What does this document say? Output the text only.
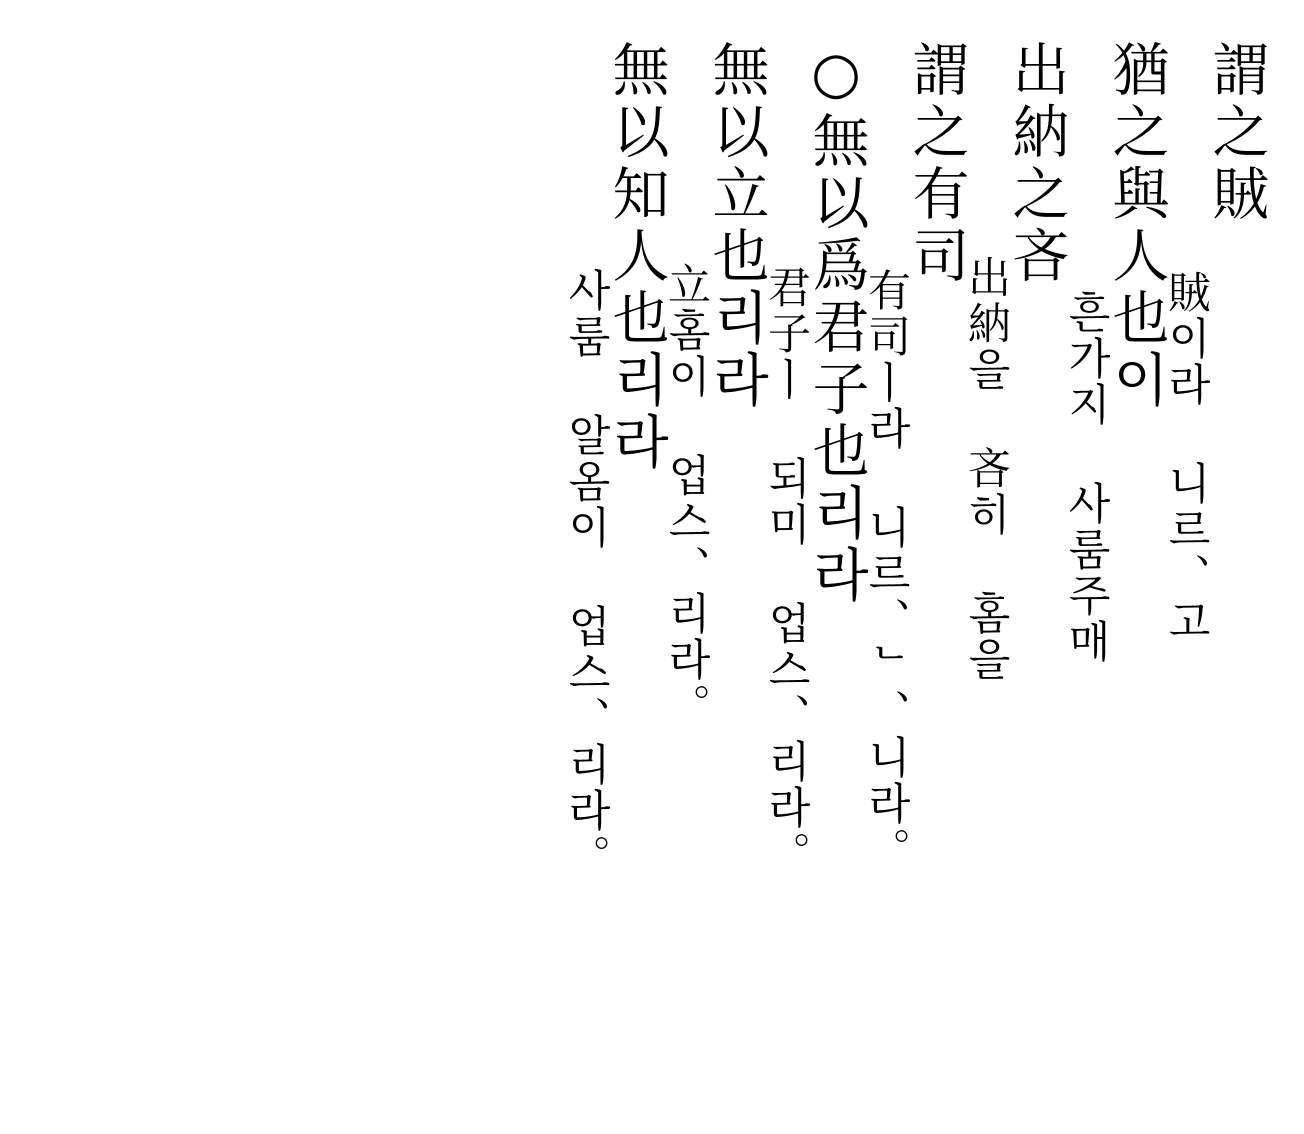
謂之賊
賊이라 니르、고
猶之與人也이
흔가지 사룸주매
出納之吝
出納을 吝히 홈을
謂之有司
有司ㅣ라 니르、ᄂ、니라。
○無以爲君子也리라
君子ㅣ 되미 업스、리라。
無以立也리라
立홈이 업스、리라。
無以知人也리라
사룸 알옴이 업스、리라。
